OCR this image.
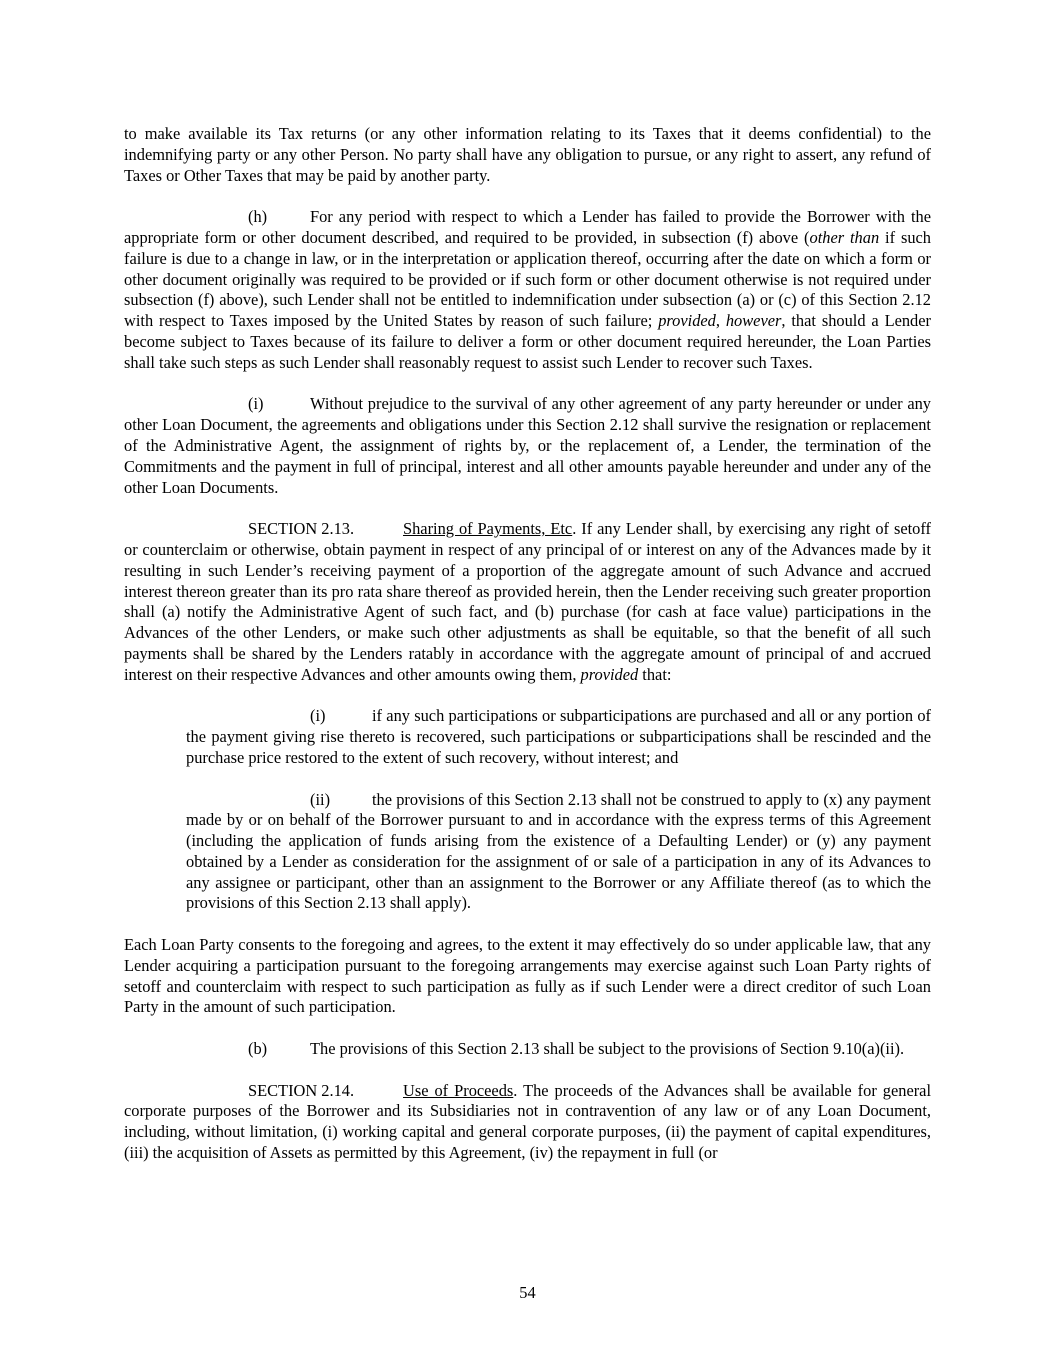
to make available its Tax returns (or any other information relating to its Taxes that it deems confidential) to the indemnifying party or any other Person. No party shall have any obligation to pursue, or any right to assert, any refund of Taxes or Other Taxes that may be paid by another party.

(h)	For any period with respect to which a Lender has failed to provide the Borrower with the appropriate form or other document described, and required to be provided, in subsection (f) above (other than if such failure is due to a change in law, or in the interpretation or application thereof, occurring after the date on which a form or other document originally was required to be provided or if such form or other document otherwise is not required under subsection (f) above), such Lender shall not be entitled to indemnification under subsection (a) or (c) of this Section 2.12 with respect to Taxes imposed by the United States by reason of such failure; provided, however, that should a Lender become subject to Taxes because of its failure to deliver a form or other document required hereunder, the Loan Parties shall take such steps as such Lender shall reasonably request to assist such Lender to recover such Taxes.

(i)	Without prejudice to the survival of any other agreement of any party hereunder or under any other Loan Document, the agreements and obligations under this Section 2.12 shall survive the resignation or replacement of the Administrative Agent, the assignment of rights by, or the replacement of, a Lender, the termination of the Commitments and the payment in full of principal, interest and all other amounts payable hereunder and under any of the other Loan Documents.

SECTION 2.13.	Sharing of Payments, Etc. If any Lender shall, by exercising any right of setoff or counterclaim or otherwise, obtain payment in respect of any principal of or interest on any of the Advances made by it resulting in such Lender’s receiving payment of a proportion of the aggregate amount of such Advance and accrued interest thereon greater than its pro rata share thereof as provided herein, then the Lender receiving such greater proportion shall (a) notify the Administrative Agent of such fact, and (b) purchase (for cash at face value) participations in the Advances of the other Lenders, or make such other adjustments as shall be equitable, so that the benefit of all such payments shall be shared by the Lenders ratably in accordance with the aggregate amount of principal of and accrued interest on their respective Advances and other amounts owing them, provided that:

(i)	if any such participations or subparticipations are purchased and all or any portion of the payment giving rise thereto is recovered, such participations or subparticipations shall be rescinded and the purchase price restored to the extent of such recovery, without interest; and

(ii)	the provisions of this Section 2.13 shall not be construed to apply to (x) any payment made by or on behalf of the Borrower pursuant to and in accordance with the express terms of this Agreement (including the application of funds arising from the existence of a Defaulting Lender) or (y) any payment obtained by a Lender as consideration for the assignment of or sale of a participation in any of its Advances to any assignee or participant, other than an assignment to the Borrower or any Affiliate thereof (as to which the provisions of this Section 2.13 shall apply).

Each Loan Party consents to the foregoing and agrees, to the extent it may effectively do so under applicable law, that any Lender acquiring a participation pursuant to the foregoing arrangements may exercise against such Loan Party rights of setoff and counterclaim with respect to such participation as fully as if such Lender were a direct creditor of such Loan Party in the amount of such participation.

(b)	The provisions of this Section 2.13 shall be subject to the provisions of Section 9.10(a)(ii).

SECTION 2.14.	Use of Proceeds. The proceeds of the Advances shall be available for general corporate purposes of the Borrower and its Subsidiaries not in contravention of any law or of any Loan Document, including, without limitation, (i) working capital and general corporate purposes, (ii) the payment of capital expenditures, (iii) the acquisition of Assets as permitted by this Agreement, (iv) the repayment in full (or

54
